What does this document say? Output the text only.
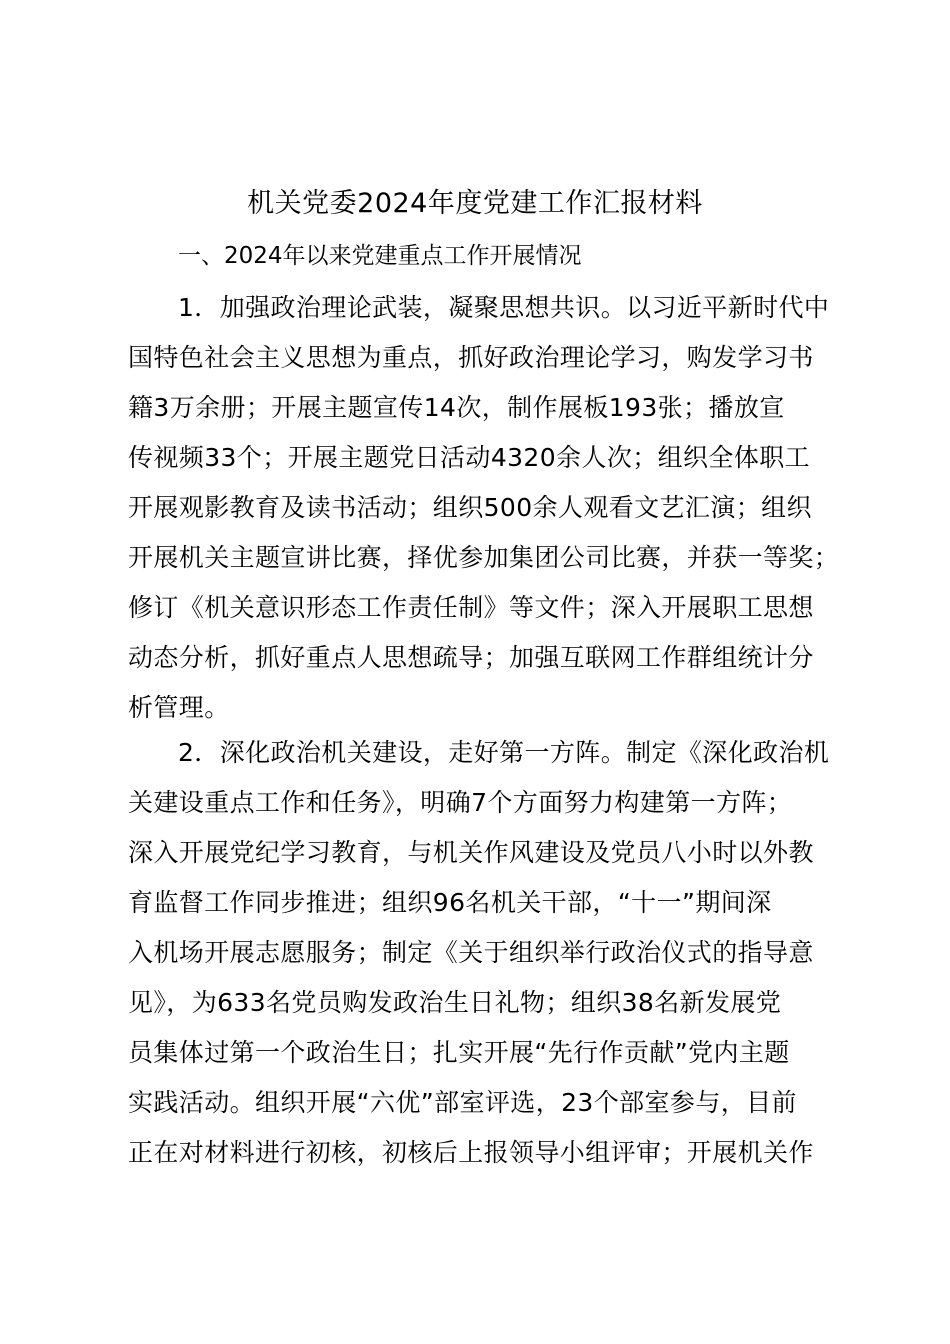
机关党委2024年度党建工作汇报材料
一、2024年以来党建重点工作开展情况

1．加强政治理论武装，凝聚思想共识。以习近平新时代中
国特色社会主义思想为重点，抓好政治理论学习，购发学习书
籍3万余册；开展主题宣传14次，制作展板193张；播放宣
传视频33个；开展主题党日活动4320余人次；组织全体职工
开展观影教育及读书活动；组织500余人观看文艺汇演；组织
开展机关主题宣讲比赛，择优参加集团公司比赛，并获一等奖；
修订《机关意识形态工作责任制》等文件；深入开展职工思想
动态分析，抓好重点人思想疏导；加强互联网工作群组统计分
析管理。

2．深化政治机关建设，走好第一方阵。制定《深化政治机
关建设重点工作和任务》，明确7个方面努力构建第一方阵；
深入开展党纪学习教育，与机关作风建设及党员八小时以外教
育监督工作同步推进；组织96名机关干部，“十一”期间深
入机场开展志愿服务；制定《关于组织举行政治仪式的指导意
见》，为633名党员购发政治生日礼物；组织38名新发展党
员集体过第一个政治生日；扎实开展“先行作贡献”党内主题
实践活动。组织开展“六优”部室评选，23个部室参与，目前
正在对材料进行初核，初核后上报领导小组评审；开展机关作
